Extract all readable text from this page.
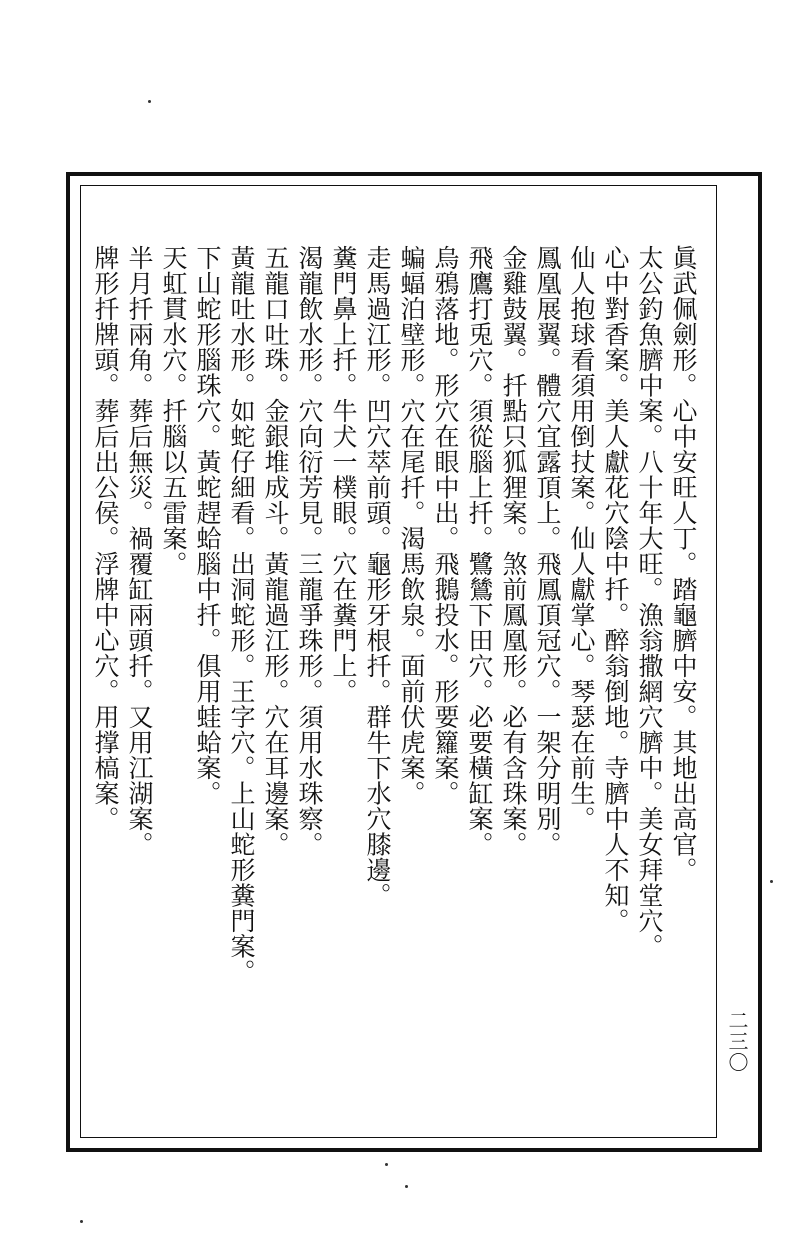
眞武佩劍形。心中安旺人丁。踏龜臍中安。其地出高官。
太公釣魚臍中案。八十年大旺。漁翁撒網穴臍中。美女拜堂穴。
心中對香案。美人獻花穴陰中扦。醉翁倒地。寺臍中人不知。
仙人抱球看須用倒扙案。仙人獻掌心。琴瑟在前生。
鳳凰展翼。體穴宜露頂上。飛鳳頂冠穴。一架分明別。
金雞鼓翼。扦點只狐狸案。煞前鳳凰形。必有含珠案。
飛鷹打兎穴。須從腦上扦。鷺鷥下田穴。必要橫缸案。
烏鴉落地。形穴在眼中出。飛鵝投水。形要籮案。
蝙蝠泊壁形。穴在尾扦。渴馬飲泉。面前伏虎案。
走馬過江形。凹穴萃前頭。龜形牙根扦。群牛下水穴膝邊。
糞門鼻上扦。牛犬一樸眼。穴在糞門上。
渴龍飲水形。穴向衍芳見。三龍爭珠形。須用水珠察。
五龍口吐珠。金銀堆成斗。黃龍過江形。穴在耳邊案。
黃龍吐水形。如蛇仔細看。出洞蛇形。王字穴。上山蛇形糞門案。
下山蛇形腦珠穴。黃蛇趕蛤腦中扦。俱用蛙蛤案。
天虹貫水穴。扦腦以五雷案。
半月扦兩角。葬后無災。禍覆缸兩頭扦。又用江湖案。
牌形扦牌頭。葬后出公侯。浮牌中心穴。用撑槁案。
二三〇
